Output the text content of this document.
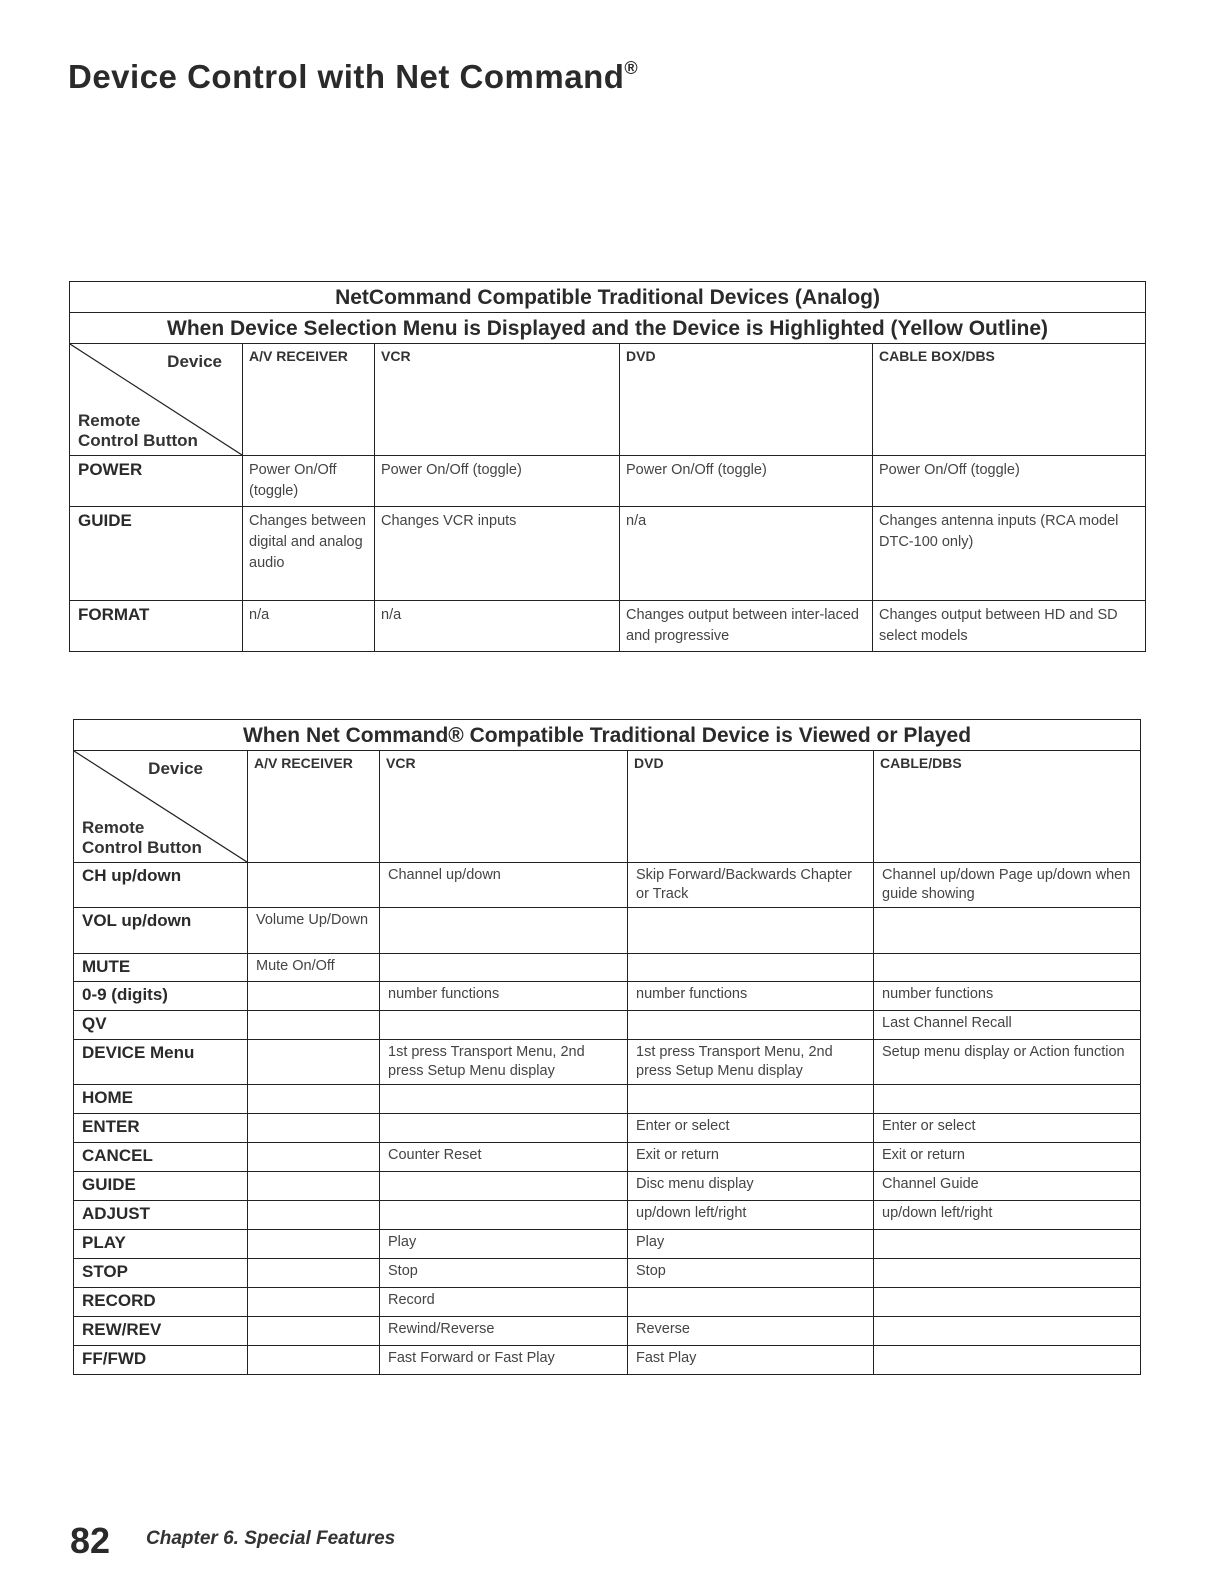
Device Control with Net Command®
NetCommand Compatible Traditional Devices (Analog)				
When Device Selection Menu is Displayed and the Device is Highlighted (Yellow Outline)				

Device
Remote
Control Button	A/V RECEIVER	VCR	DVD	CABLE BOX/DBS
POWER	Power On/Off (toggle)	Power On/Off (toggle)	Power On/Off (toggle)	Power On/Off (toggle)
GUIDE	Changes between digital and analog audio	Changes VCR inputs	n/a	Changes antenna inputs (RCA model DTC-100 only)
FORMAT	n/a	n/a	Changes output between inter-laced and progressive	Changes output between HD and SD select models
When Net Command® Compatible Traditional Device is Viewed or Played				

Device
Remote
Control Button	A/V RECEIVER	VCR	DVD	CABLE/DBS
CH up/down		Channel up/down	Skip Forward/Backwards Chapter or Track	Channel up/down Page up/down when guide showing
VOL up/down	Volume Up/Down			
MUTE	Mute On/Off			
0-9 (digits)		number functions	number functions	number functions
QV				Last Channel Recall
DEVICE Menu		1st press Transport Menu, 2nd press Setup Menu display	1st press Transport Menu, 2nd press Setup Menu display	Setup menu display or Action function
HOME				
ENTER			Enter or select	Enter or select
CANCEL		Counter Reset	Exit or return	Exit or return
GUIDE			Disc menu display	Channel Guide
ADJUST			up/down left/right	up/down left/right
PLAY		Play	Play	
STOP		Stop	Stop	
RECORD		Record		
REW/REV		Rewind/Reverse	Reverse	
FF/FWD		Fast Forward or Fast Play	Fast Play	
82 Chapter 6. Special Features
